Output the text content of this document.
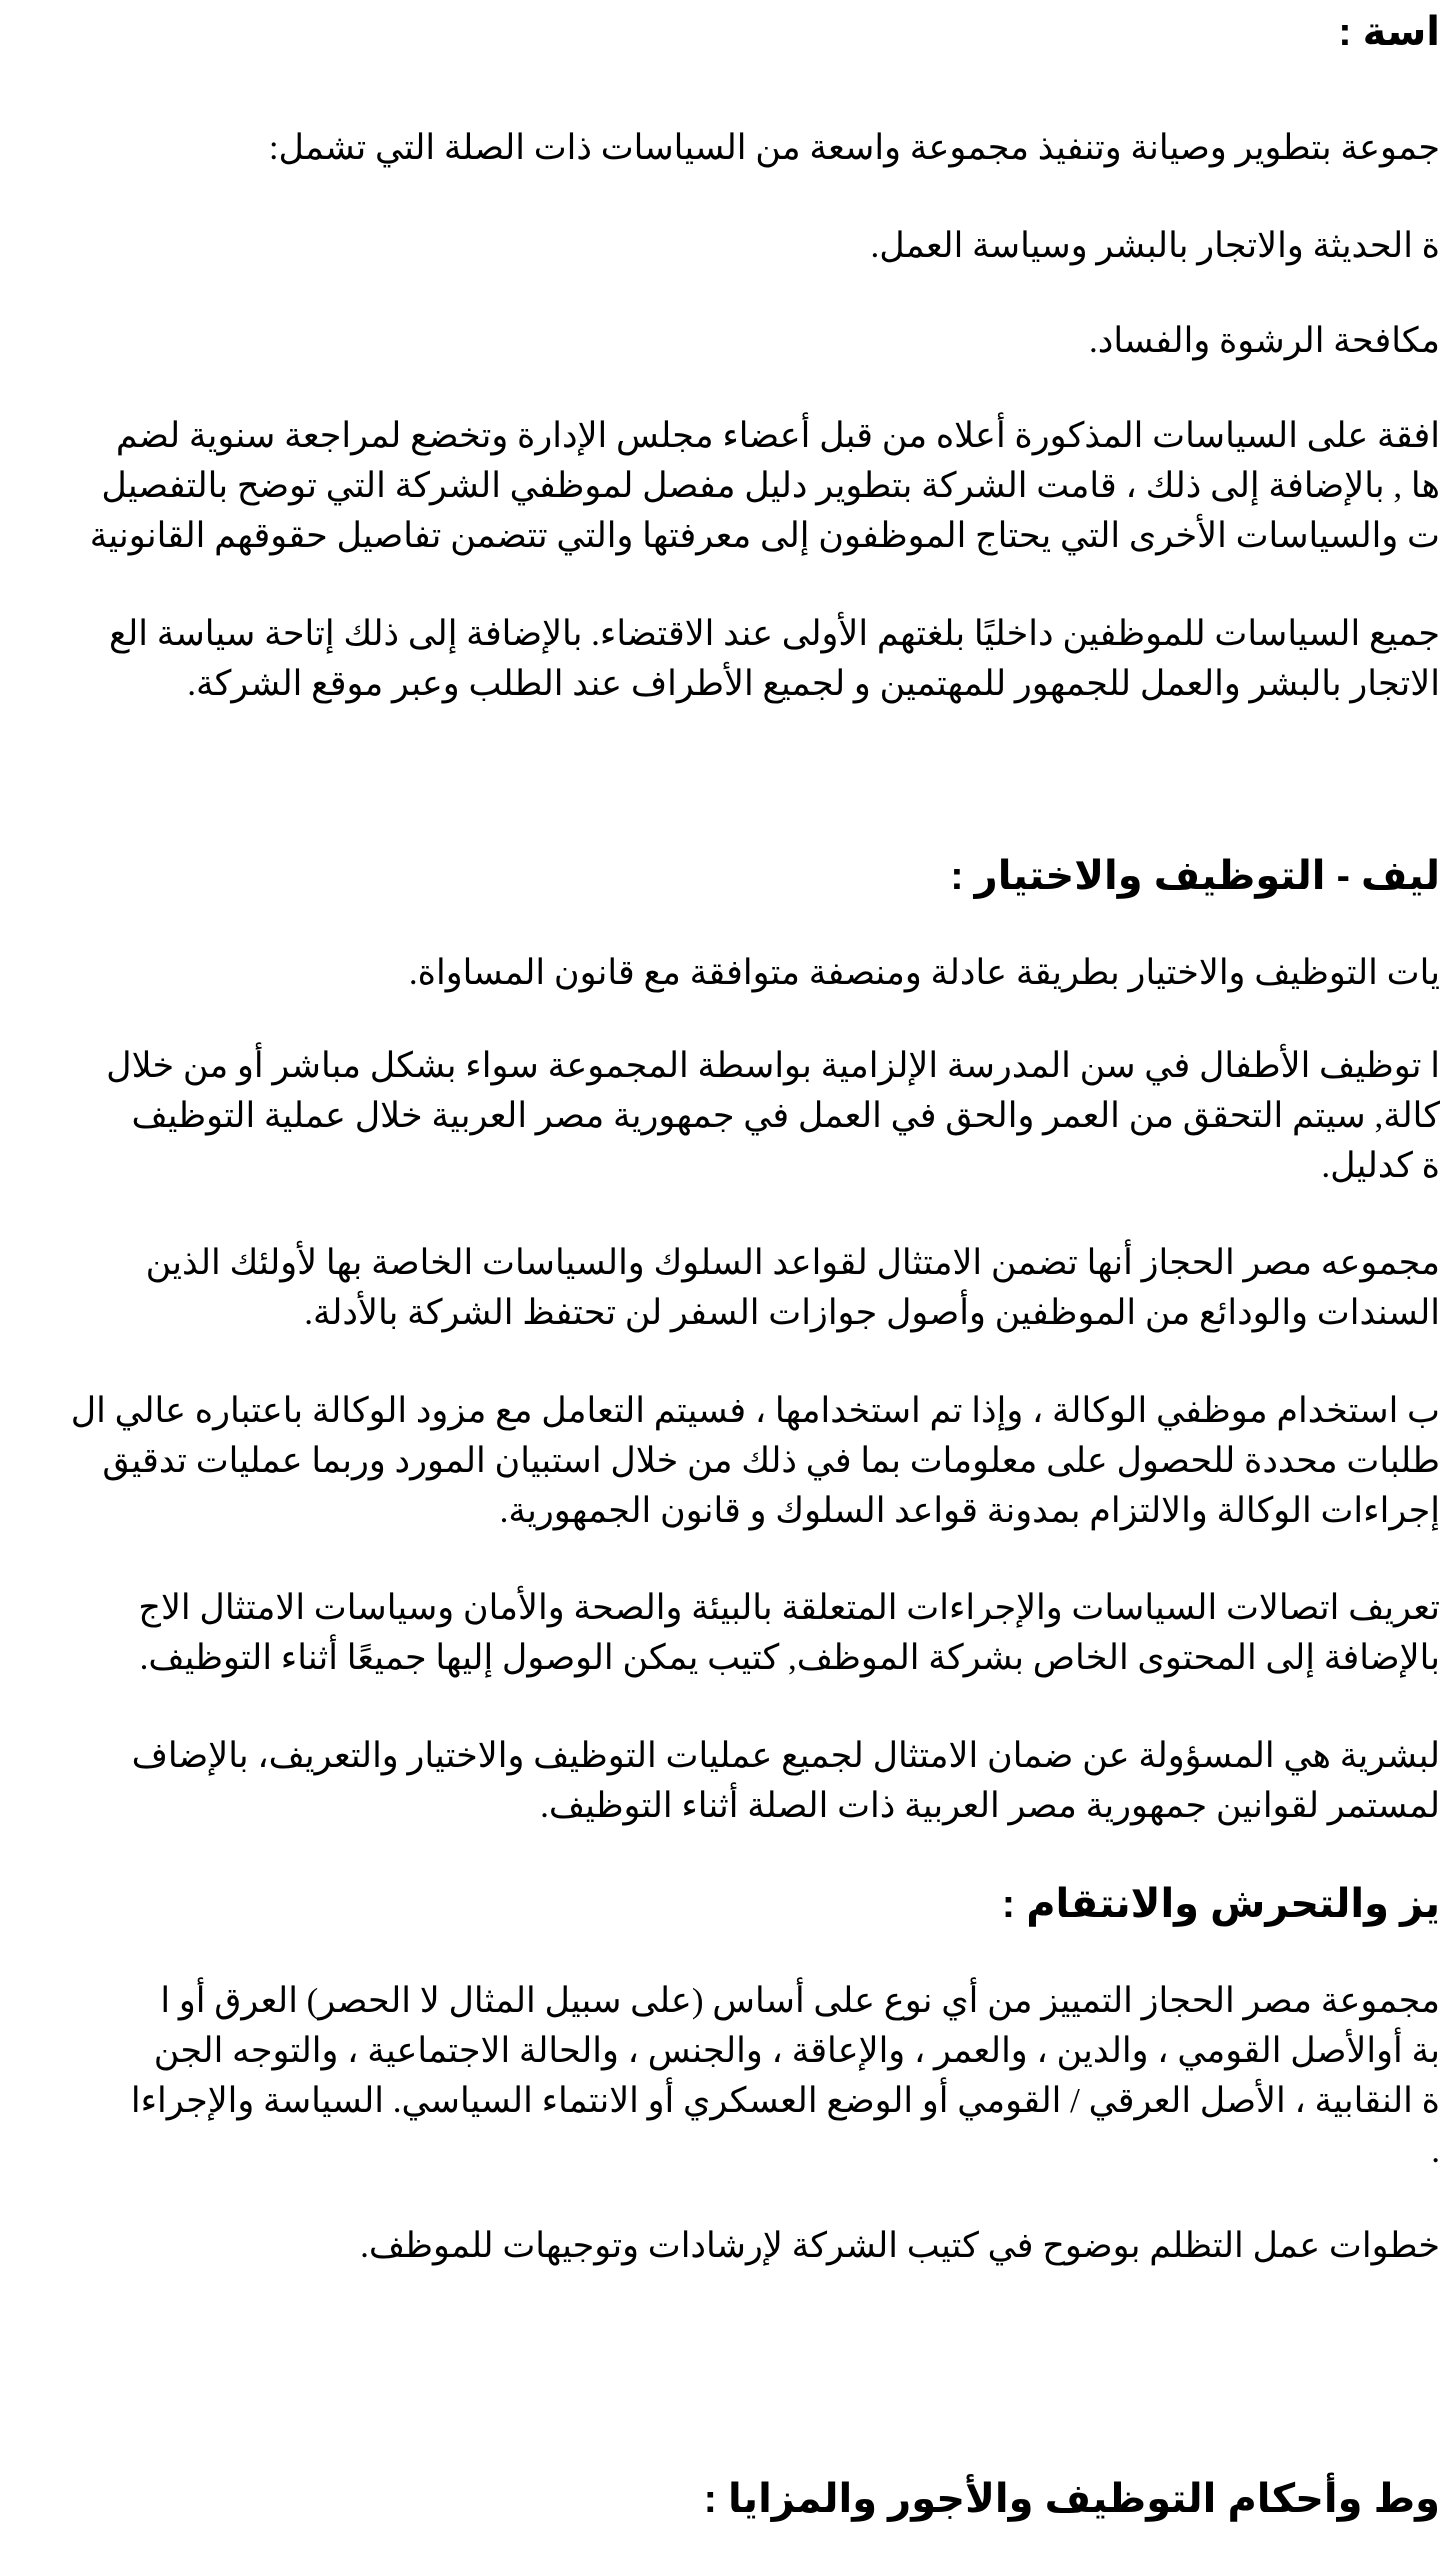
اسة :
جموعة بتطوير وصيانة وتنفيذ مجموعة واسعة من السياسات ذات الصلة التي تشمل:
ة الحديثة والاتجار بالبشر وسياسة العمل.
مكافحة الرشوة والفساد.
افقة على السياسات المذكورة أعلاه من قبل أعضاء مجلس الإدارة وتخضع لمراجعة سنوية لضم
ها , بالإضافة إلى ذلك ، قامت الشركة بتطوير دليل مفصل لموظفي الشركة التي توضح بالتفصيل
ت والسياسات الأخرى التي يحتاج الموظفون إلى معرفتها والتي تتضمن تفاصيل حقوقهم القانونية
جميع السياسات للموظفين داخليًا بلغتهم الأولى عند الاقتضاء. بالإضافة إلى ذلك إتاحة سياسة الع
الاتجار بالبشر والعمل للجمهور للمهتمين و لجميع الأطراف عند الطلب وعبر موقع الشركة.
ليف - التوظيف والاختيار :
يات التوظيف والاختيار بطريقة عادلة ومنصفة متوافقة مع قانون المساواة.
ا توظيف الأطفال في سن المدرسة الإلزامية بواسطة المجموعة سواء بشكل مباشر أو من خلال
كالة, سيتم التحقق من العمر والحق في العمل في جمهورية مصر العربية خلال عملية التوظيف
ة كدليل.
مجموعه مصر الحجاز أنها تضمن الامتثال لقواعد السلوك والسياسات الخاصة بها لأولئك الذين
السندات والودائع من الموظفين وأصول جوازات السفر لن تحتفظ الشركة بالأدلة.
ب استخدام موظفي الوكالة ، وإذا تم استخدامها ، فسيتم التعامل مع مزود الوكالة باعتباره عالي ال
طلبات محددة للحصول على معلومات بما في ذلك من خلال استبيان المورد وربما عمليات تدقيق
إجراءات الوكالة والالتزام بمدونة قواعد السلوك و قانون الجمهورية.
تعريف اتصالات السياسات والإجراءات المتعلقة بالبيئة والصحة والأمان وسياسات الامتثال الاج
بالإضافة إلى المحتوى الخاص بشركة الموظف, كتيب يمكن الوصول إليها جميعًا أثناء التوظيف.
لبشرية هي المسؤولة عن ضمان الامتثال لجميع عمليات التوظيف والاختيار والتعريف، بالإضاف
لمستمر لقوانين جمهورية مصر العربية ذات الصلة أثناء التوظيف.
يز والتحرش والانتقام :
مجموعة مصر الحجاز التمييز من أي نوع على أساس (على سبيل المثال لا الحصر) العرق أو ا
بة أوالأصل القومي ، والدين ، والعمر ، والإعاقة ، والجنس ، والحالة الاجتماعية ، والتوجه الجن
ة النقابية ، الأصل العرقي / القومي أو الوضع العسكري أو الانتماء السياسي. السياسة والإجراءا
.
خطوات عمل التظلم بوضوح في كتيب الشركة لإرشادات وتوجيهات للموظف.
وط وأحكام التوظيف والأجور والمزايا :
